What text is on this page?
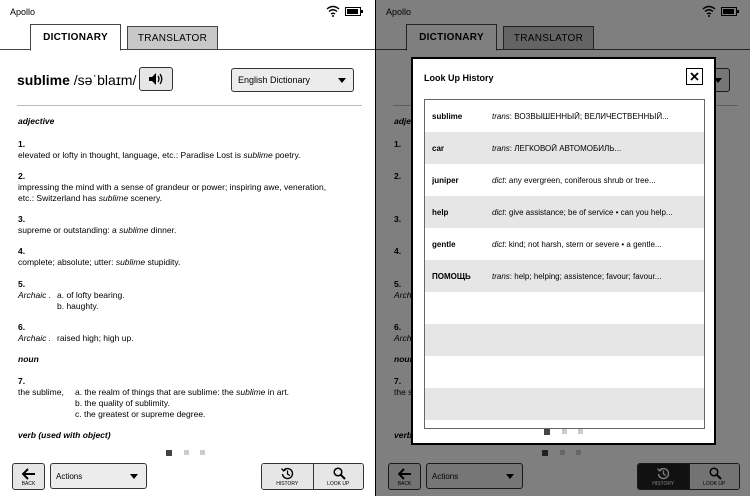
Apollo
DICTIONARY	TRANSLATOR
sublime /səˈblaɪm/	English Dictionary
adjective
1.
elevated or lofty in thought, language, etc.: Paradise Lost is sublime poetry.
2.
impressing the mind with a sense of grandeur or power; inspiring awe, veneration,
etc.: Switzerland has sublime scenery.
3.
supreme or outstanding: a sublime dinner.
4.
complete; absolute; utter: sublime stupidity.
5.
Archaic . a. of lofty bearing.
b. haughty.
6.
Archaic . raised high; high up.
noun
7.
the sublime, a. the realm of things that are sublime: the sublime in art.
b. the quality of sublimity.
c. the greatest or supreme degree.
verb (used with object)
BACK
Actions
HISTORY	LOOK UP
Look Up History
sublime	trans: ВОЗВЫШЕННЫЙ; ВЕЛИЧЕСТВЕННЫЙ...
car	trans: ЛЕГКОВОЙ АВТОМОБИЛЬ...
juniper	dict: any evergreen, coniferous shrub or tree...
help	dict: give assistance; be of service • can you help...
gentle	dict: kind; not harsh, stern or severe • a gentle...
ПОМОЩЬ	trans: help; helping; assistence; favour; favour...
